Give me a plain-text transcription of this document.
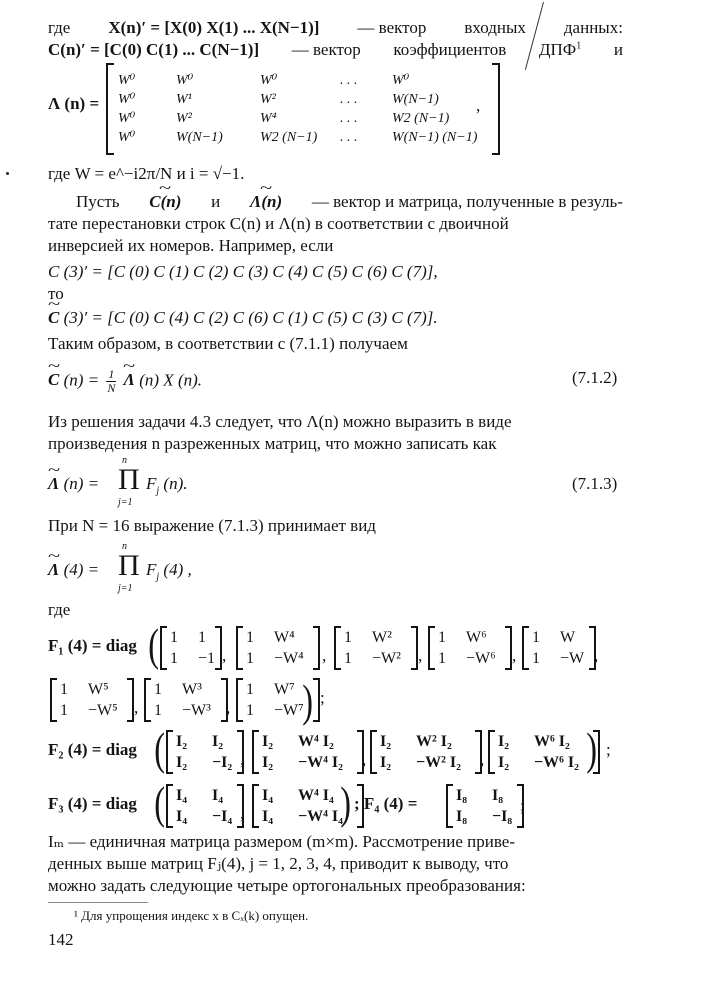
где X(n)′ = [X(0) X(1) ... X(N−1)] — вектор входных данных:
C(n)′ = [C(0) C(1) ... C(N−1)] — вектор коэффициентов ДПФ$^1$ и
Λ (n) =
W⁰	W⁰	W⁰	. . .	W⁰
W⁰	W¹	W²	. . .	W(N−1)
W⁰	W²	W⁴	. . .	W2 (N−1)
W⁰	W(N−1)	W2 (N−1)	. . .	W(N−1) (N−1)
,
где W = e^−i2π/N и i = √−1.
Пусть ~ C(n) и ~ Λ(n) — вектор и матрица, полученные в резуль-
тате перестановки строк C(n) и Λ(n) в соответствии с двоичной
инверсией их номеров. Например, если
C (3)′ = [C (0) C (1) C (2) C (3) C (4) C (5) C (6) C (7)],
то
~ C (3)′ = [C (0) C (4) C (2) C (6) C (1) C (5) C (3) C (7)].
Таким образом, в соответствии с (7.1.1) получаем
~ C $(n) = \frac{1}{N}$ ~ Λ (n) X (n).	(7.1.2)
Из решения задачи 4.3 следует, что Λ(n) можно выразить в виде
произведения n разреженных матриц, что можно записать как
~ Λ (n) =
n
Π
j=1
$F_j$ (n).	(7.1.3)
При N = 16 выражение (7.1.3) принимает вид
~ Λ (4) =
n
Π
j=1
$F_j$ (4) ,
где
F₁ (4) = diag ( 1	1
1	−1 ,
1	W⁴
1	−W⁴	,
1	W²
1	−W²	,
1	W⁶
1	−W⁶ ,
1	W
1	−W ,
1	W⁵
1	−W⁵ ,
1	W³
1	−W³ ,
1	W⁷
1	−W⁷
) ;
F₂ (4) = diag ( I₂	I₂
I₂	−I₂ ,
I₂	W⁴ I₂
I₂	−W⁴ I₂	,
I₂	W² I₂
I₂	−W² I₂	,
I₂	W⁶ I₂
I₂	−W⁶ I₂ ) ;
F₃ (4) = diag ( I₄	I₄
I₄	−I₄ ,
I₄	W⁴ I₄
I₄	−W⁴ I₄
) ; F₄ (4) = I₈	I₈
I₈	−I₈
;
Iₘ — единичная матрица размером (m×m). Рассмотрение приве-
денных выше матриц Fⱼ(4), j = 1, 2, 3, 4, приводит к выводу, что
можно задать следующие четыре ортогональных преобразования:
¹ Для упрощения индекс x в Cₓ(k) опущен.
142
